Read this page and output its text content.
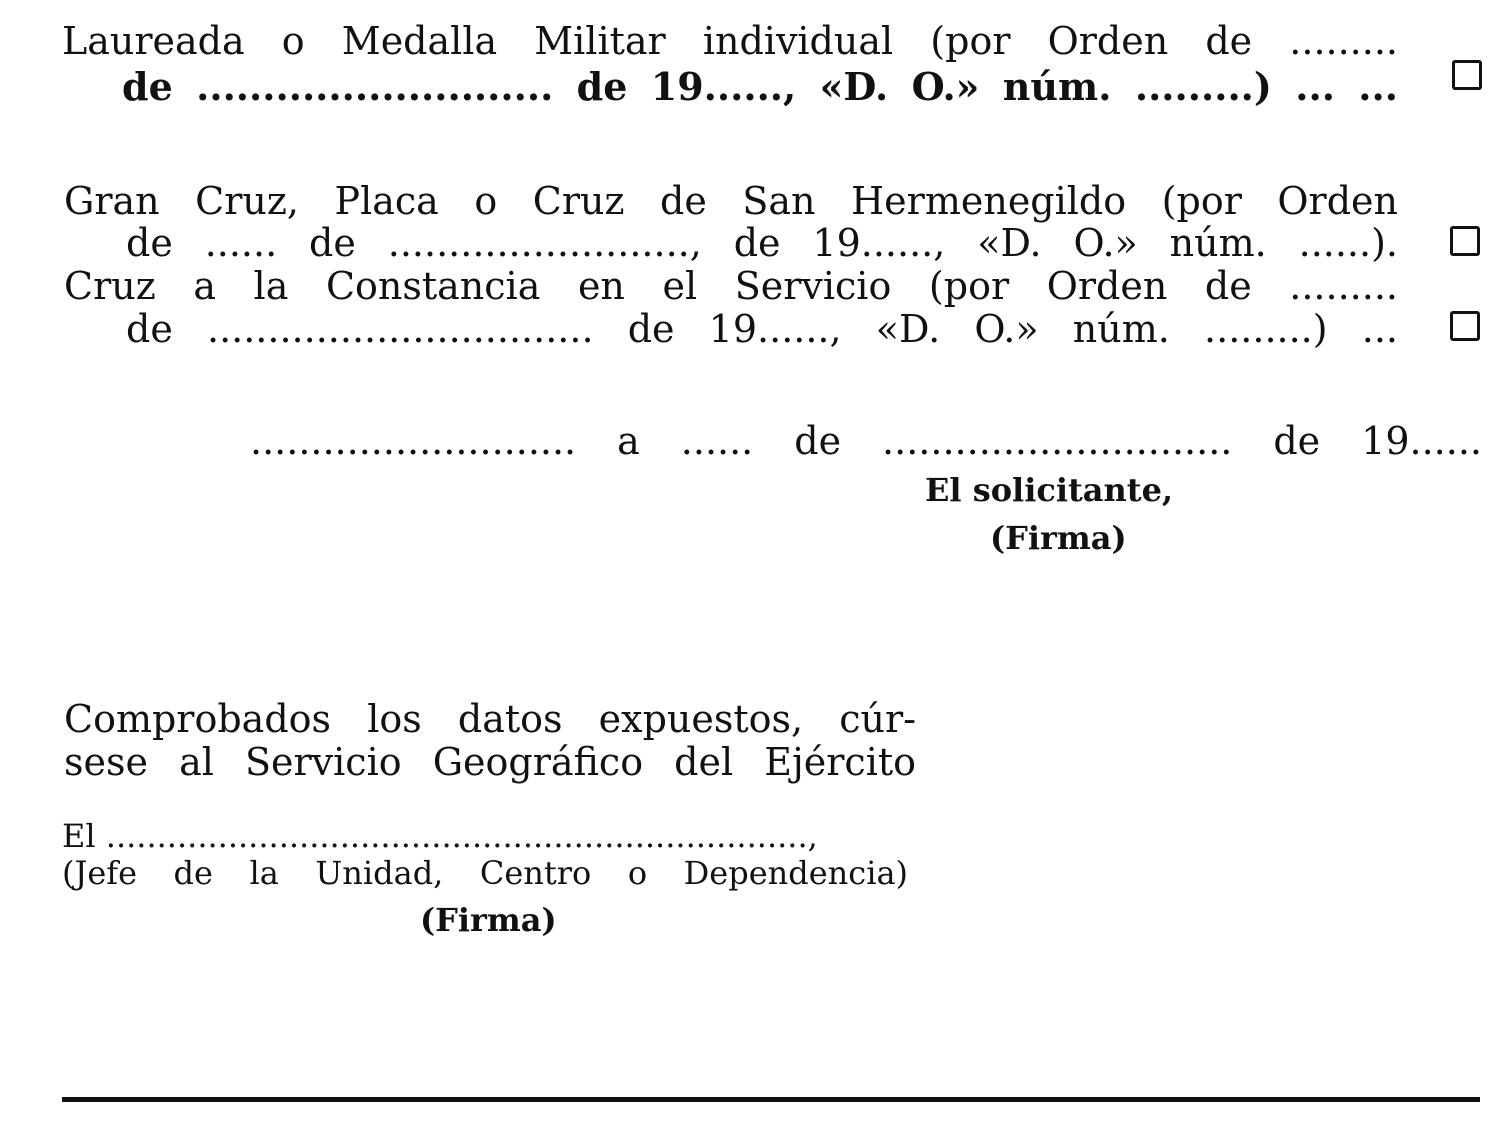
Laureada o Medalla Militar individual (por Orden de .........
de ........................... de 19......, «D. O.» núm. .........) ... ...
Gran Cruz, Placa o Cruz de San Hermenegildo (por Orden
de ...... de ........................., de 19......, «D. O.» núm. ......).
Cruz a la Constancia en el Servicio (por Orden de .........
de ................................ de 19......, «D. O.» núm. .........) ...
........................... a ...... de ............................. de 19......
El solicitante,
(Firma)
Comprobados los datos expuestos, cúr-
sese al Servicio Geográfico del Ejército
El .....................................................................,
(Jefe de la Unidad, Centro o Dependencia)
(Firma)
